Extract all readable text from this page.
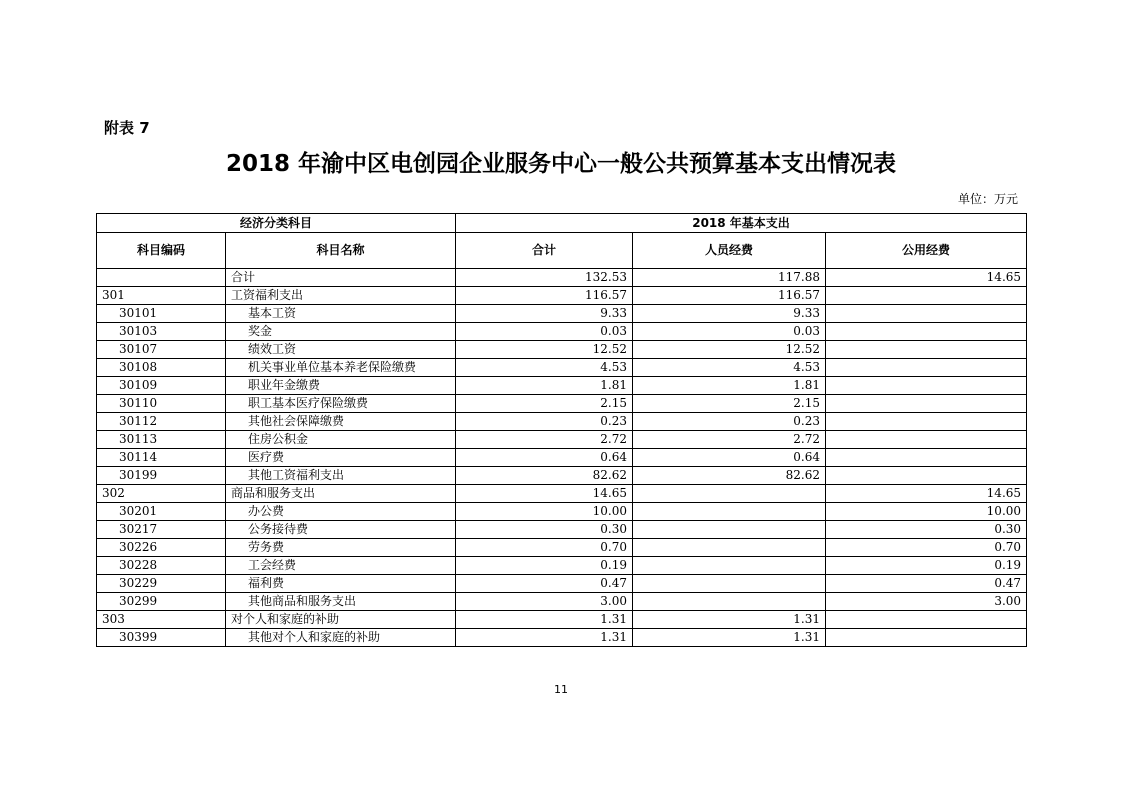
附表 7
2018 年渝中区电创园企业服务中心一般公共预算基本支出情况表
单位：万元
经济分类科目		2018 年基本支出		
科目编码	科目名称	合计	人员经费	公用经费
	合计	132.53	117.88	14.65
301	工资福利支出	116.57	116.57	
30101	基本工资	9.33	9.33	
30103	奖金	0.03	0.03	
30107	绩效工资	12.52	12.52	
30108	机关事业单位基本养老保险缴费	4.53	4.53	
30109	职业年金缴费	1.81	1.81	
30110	职工基本医疗保险缴费	2.15	2.15	
30112	其他社会保障缴费	0.23	0.23	
30113	住房公积金	2.72	2.72	
30114	医疗费	0.64	0.64	
30199	其他工资福利支出	82.62	82.62	
302	商品和服务支出	14.65		14.65
30201	办公费	10.00		10.00
30217	公务接待费	0.30		0.30
30226	劳务费	0.70		0.70
30228	工会经费	0.19		0.19
30229	福利费	0.47		0.47
30299	其他商品和服务支出	3.00		3.00
303	对个人和家庭的补助	1.31	1.31	
30399	其他对个人和家庭的补助	1.31	1.31	
11
